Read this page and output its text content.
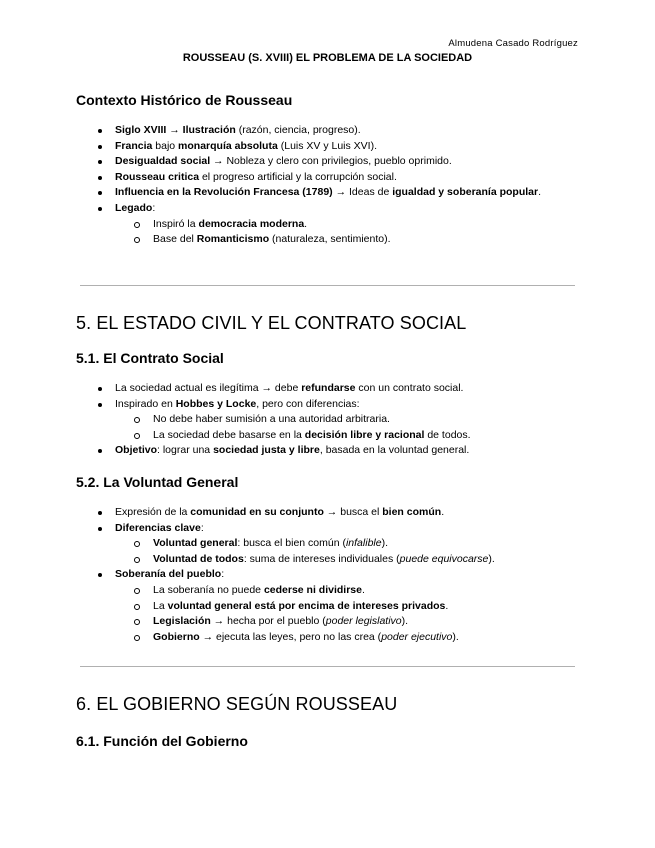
Almudena Casado Rodríguez
ROUSSEAU (S. XVIII) EL PROBLEMA DE LA SOCIEDAD
Contexto Histórico de Rousseau
Siglo XVIII → Ilustración (razón, ciencia, progreso).
Francia bajo monarquía absoluta (Luis XV y Luis XVI).
Desigualdad social → Nobleza y clero con privilegios, pueblo oprimido.
Rousseau critica el progreso artificial y la corrupción social.
Influencia en la Revolución Francesa (1789) → Ideas de igualdad y soberanía popular.
Legado:
Inspiró la democracia moderna.
Base del Romanticismo (naturaleza, sentimiento).
5. EL ESTADO CIVIL Y EL CONTRATO SOCIAL
5.1. El Contrato Social
La sociedad actual es ilegítima → debe refundarse con un contrato social.
Inspirado en Hobbes y Locke, pero con diferencias:
No debe haber sumisión a una autoridad arbitraria.
La sociedad debe basarse en la decisión libre y racional de todos.
Objetivo: lograr una sociedad justa y libre, basada en la voluntad general.
5.2. La Voluntad General
Expresión de la comunidad en su conjunto → busca el bien común.
Diferencias clave:
Voluntad general: busca el bien común (infalible).
Voluntad de todos: suma de intereses individuales (puede equivocarse).
Soberanía del pueblo:
La soberanía no puede cederse ni dividirse.
La voluntad general está por encima de intereses privados.
Legislación → hecha por el pueblo (poder legislativo).
Gobierno → ejecuta las leyes, pero no las crea (poder ejecutivo).
6. EL GOBIERNO SEGÚN ROUSSEAU
6.1. Función del Gobierno
